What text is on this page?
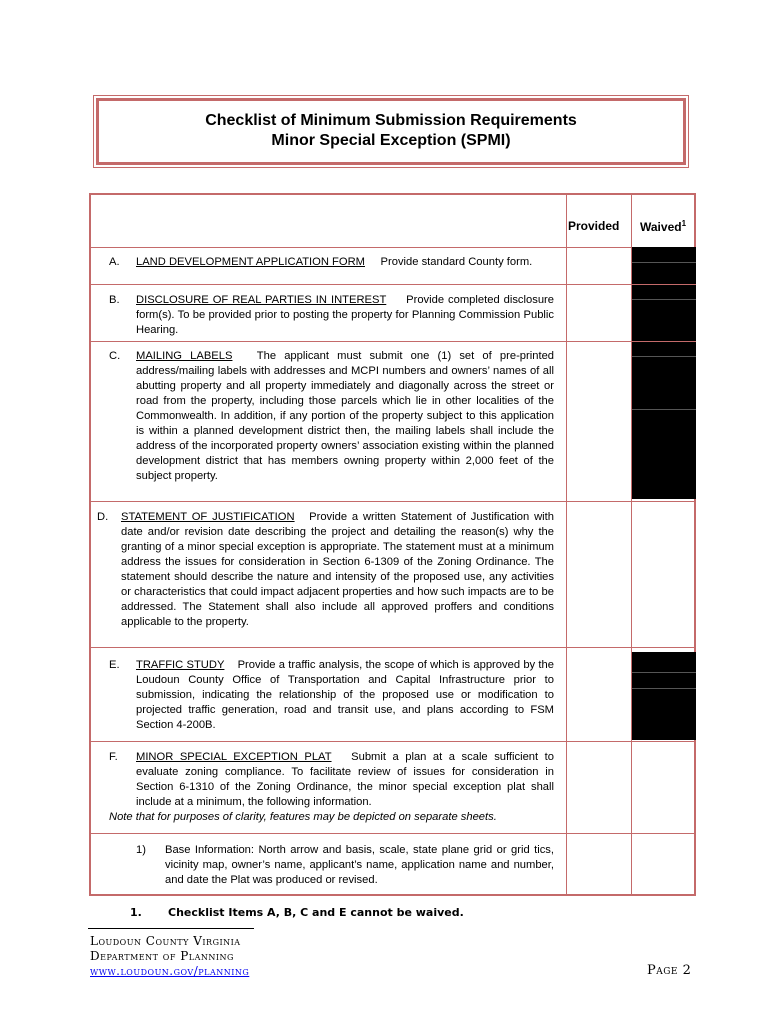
Checklist of Minimum Submission Requirements
Minor Special Exception (SPMI)
Provided Waived$^1$
A. LAND DEVELOPMENT APPLICATION FORM Provide standard County form.
B. DISCLOSURE OF REAL PARTIES IN INTEREST Provide completed disclosure form(s). To be provided prior to posting the property for Planning Commission Public Hearing.
C. MAILING LABELS The applicant must submit one (1) set of pre-printed address/mailing labels with addresses and MCPI numbers and owners’ names of all abutting property and all property immediately and diagonally across the street or road from the property, including those parcels which lie in other localities of the Commonwealth. In addition, if any portion of the property subject to this application is within a planned development district then, the mailing labels shall include the address of the incorporated property owners’ association existing within the planned development district that has members owning property within 2,000 feet of the subject property.
D. STATEMENT OF JUSTIFICATION Provide a written Statement of Justification with date and/or revision date describing the project and detailing the reason(s) why the granting of a minor special exception is appropriate. The statement must at a minimum address the issues for consideration in Section 6-1309 of the Zoning Ordinance. The statement should describe the nature and intensity of the proposed use, any activities or characteristics that could impact adjacent properties and how such impacts are to be addressed. The Statement shall also include all approved proffers and conditions applicable to the property.
E. TRAFFIC STUDY Provide a traffic analysis, the scope of which is approved by the Loudoun County Office of Transportation and Capital Infrastructure prior to submission, indicating the relationship of the proposed use or modification to projected traffic generation, road and transit use, and plans according to FSM Section 4-200B.
F. MINOR SPECIAL EXCEPTION PLAT Submit a plan at a scale sufficient to evaluate zoning compliance. To facilitate review of issues for consideration in Section 6-1310 of the Zoning Ordinance, the minor special exception plat shall include at a minimum, the following information.
Note that for purposes of clarity, features may be depicted on separate sheets.
1) Base Information: North arrow and basis, scale, state plane grid or grid tics, vicinity map, owner’s name, applicant’s name, application name and number, and date the Plat was produced or revised.
1. Checklist Items A, B, C and E cannot be waived.
Loudoun County Virginia
Department of Planning
www.loudoun.gov/planning	Page 2
